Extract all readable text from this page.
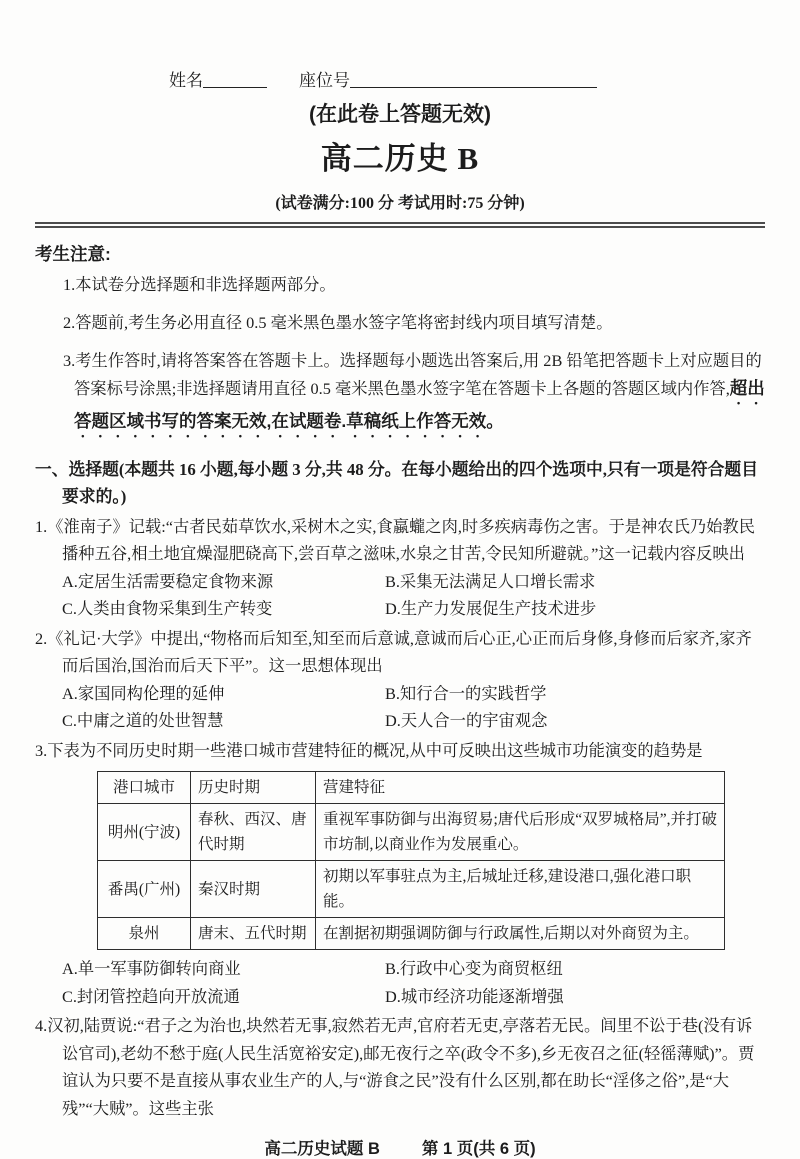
姓名	座位号
(在此卷上答题无效)
高二历史 B
(试卷满分:100 分 考试用时:75 分钟)
考生注意:

1.本试卷分选择题和非选择题两部分。

2.答题前,考生务必用直径 0.5 毫米黑色墨水签字笔将密封线内项目填写清楚。

3.考生作答时,请将答案答在答题卡上。选择题每小题选出答案后,用 2B 铅笔把答题卡上对应题目的答案标号涂黑;非选择题请用直径 0.5 毫米黑色墨水签字笔在答题卡上各题的答题区域内作答,超出答题区域书写的答案无效,在试题卷.草稿纸上作答无效。

一、选择题(本题共 16 小题,每小题 3 分,共 48 分。在每小题给出的四个选项中,只有一项是符合题目要求的。)

1.《淮南子》记载:“古者民茹草饮水,采树木之实,食蠃蠬之肉,时多疾病毒伤之害。于是神农氏乃始教民播种五谷,相土地宜燥湿肥硗高下,尝百草之滋味,水泉之甘苦,令民知所避就。”这一记载内容反映出

A.定居生活需要稳定食物来源	B.采集无法满足人口增长需求
C.人类由食物采集到生产转变	D.生产力发展促生产技术进步

2.《礼记·大学》中提出,“物格而后知至,知至而后意诚,意诚而后心正,心正而后身修,身修而后家齐,家齐而后国治,国治而后天下平”。这一思想体现出

A.家国同构伦理的延伸	B.知行合一的实践哲学
C.中庸之道的处世智慧	D.天人合一的宇宙观念

3.下表为不同历史时期一些港口城市营建特征的概况,从中可反映出这些城市功能演变的趋势是

港口城市	历史时期	营建特征
明州(宁波)	春秋、西汉、唐代时期	重视军事防御与出海贸易;唐代后形成“双罗城格局”,并打破市坊制,以商业作为发展重心。
番禺(广州)	秦汉时期	初期以军事驻点为主,后城址迁移,建设港口,强化港口职能。
泉州	唐末、五代时期	在割据初期强调防御与行政属性,后期以对外商贸为主。
A.单一军事防御转向商业	B.行政中心变为商贸枢纽
C.封闭管控趋向开放流通	D.城市经济功能逐渐增强

4.汉初,陆贾说:“君子之为治也,块然若无事,寂然若无声,官府若无吏,亭落若无民。闾里不讼于巷(没有诉讼官司),老幼不愁于庭(人民生活宽裕安定),邮无夜行之卒(政令不多),乡无夜召之征(轻徭薄赋)”。贾谊认为只要不是直接从事农业生产的人,与“游食之民”没有什么区别,都在助长“淫侈之俗”,是“大残”“大贼”。这些主张

高二历史试题 B	第 1 页(共 6 页)
